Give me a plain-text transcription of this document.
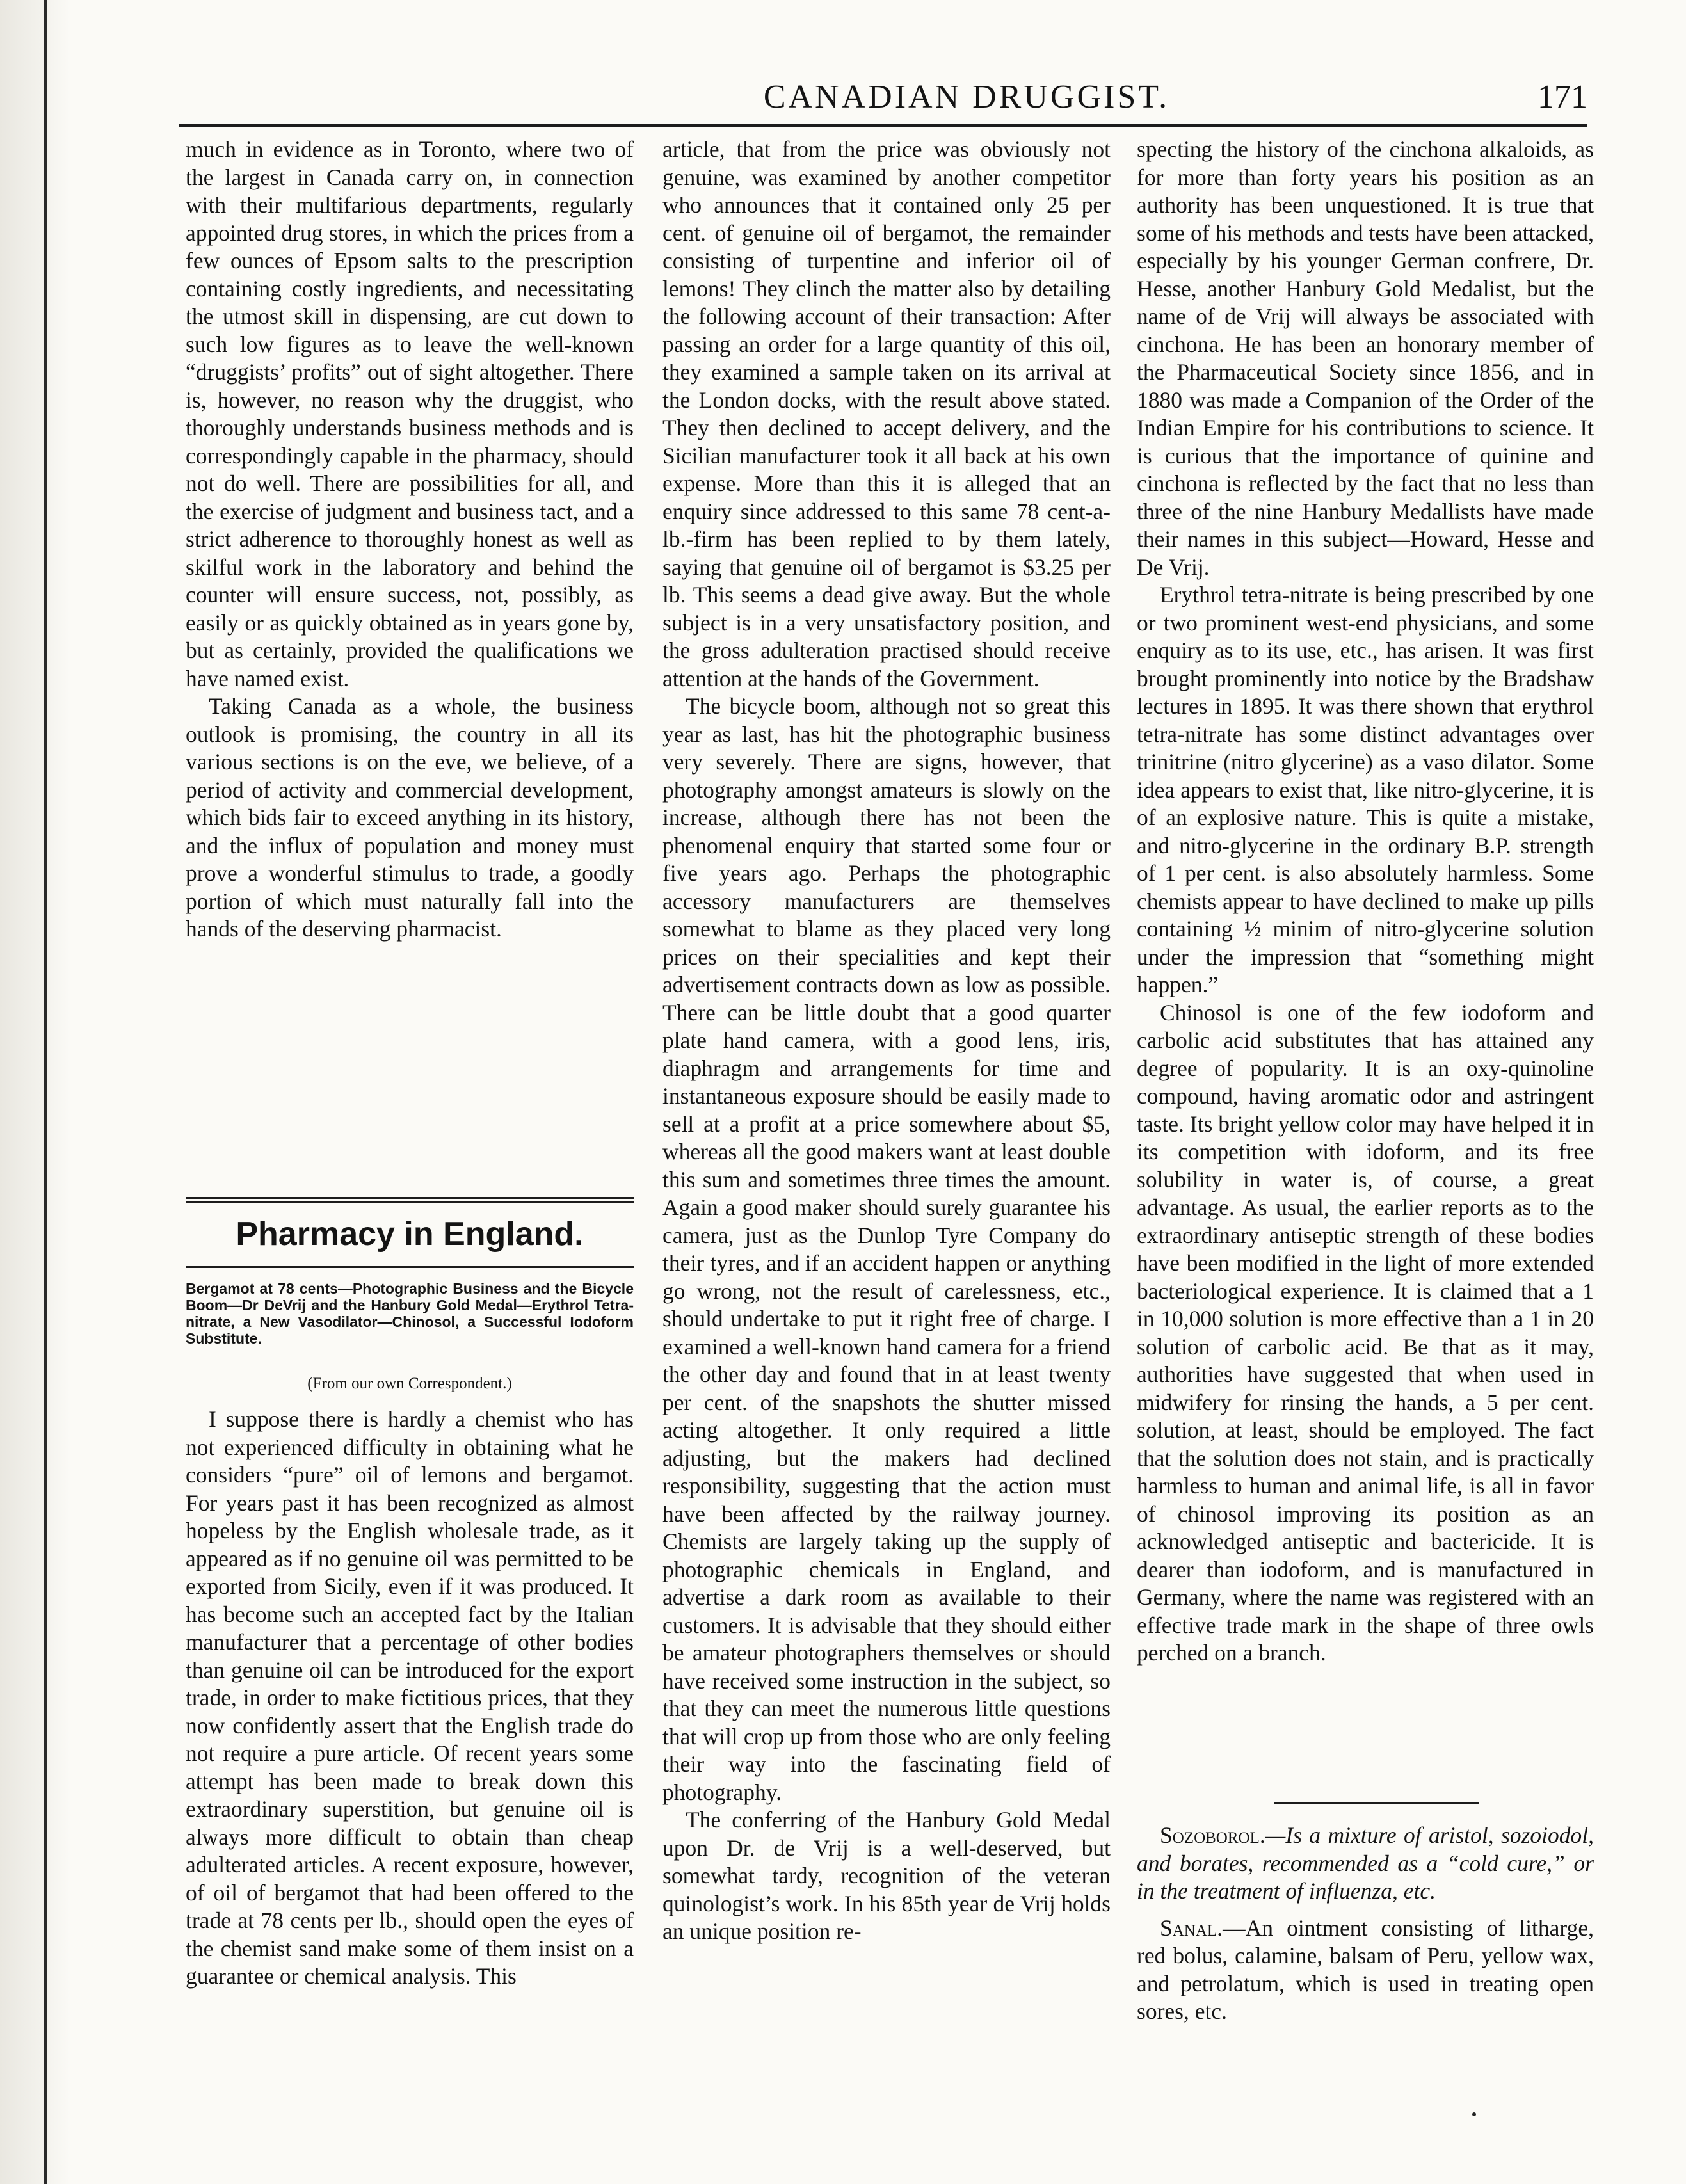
CANADIAN DRUGGIST.	171

much in evidence as in Toronto, where two of the largest in Canada carry on, in connection with their multifarious departments, regularly appointed drug stores, in which the prices from a few ounces of Epsom salts to the prescription containing costly ingredients, and necessitating the utmost skill in dispensing, are cut down to such low figures as to leave the well-known “druggists’ profits” out of sight altogether. There is, however, no reason why the druggist, who thoroughly understands business methods and is correspondingly capable in the pharmacy, should not do well. There are possibilities for all, and the exercise of judgment and business tact, and a strict adherence to thoroughly honest as well as skilful work in the laboratory and behind the counter will ensure success, not, possibly, as easily or as quickly obtained as in years gone by, but as certainly, provided the qualifications we have named exist.

Taking Canada as a whole, the business outlook is promising, the country in all its various sections is on the eve, we believe, of a period of activity and commercial development, which bids fair to exceed anything in its history, and the influx of population and money must prove a wonderful stimulus to trade, a goodly portion of which must naturally fall into the hands of the deserving pharmacist.

Pharmacy in England.
Bergamot at 78 cents—Photographic Business and the Bicycle Boom—Dr DeVrij and the Hanbury Gold Medal—Erythrol Tetra-nitrate, a New Vasodilator—Chinosol, a Successful Iodoform Substitute.
(From our own Correspondent.)

I suppose there is hardly a chemist who has not experienced difficulty in obtaining what he considers “pure” oil of lemons and bergamot. For years past it has been recognized as almost hopeless by the English wholesale trade, as it appeared as if no genuine oil was permitted to be exported from Sicily, even if it was produced. It has become such an accepted fact by the Italian manufacturer that a percentage of other bodies than genuine oil can be introduced for the export trade, in order to make fictitious prices, that they now confidently assert that the English trade do not require a pure article. Of recent years some attempt has been made to break down this extraordinary superstition, but genuine oil is always more difficult to obtain than cheap adulterated articles. A recent exposure, however, of oil of bergamot that had been offered to the trade at 78 cents per lb., should open the eyes of the chemist sand make some of them insist on a guarantee or chemical analysis. This

article, that from the price was obviously not genuine, was examined by another competitor who announces that it contained only 25 per cent. of genuine oil of bergamot, the remainder consisting of turpentine and inferior oil of lemons! They clinch the matter also by detailing the following account of their transaction: After passing an order for a large quantity of this oil, they examined a sample taken on its arrival at the London docks, with the result above stated. They then declined to accept delivery, and the Sicilian manufacturer took it all back at his own expense. More than this it is alleged that an enquiry since addressed to this same 78 cent-a-lb.-firm has been replied to by them lately, saying that genuine oil of bergamot is $3.25 per lb. This seems a dead give away. But the whole subject is in a very unsatisfactory position, and the gross adulteration practised should receive attention at the hands of the Government.

The bicycle boom, although not so great this year as last, has hit the photographic business very severely. There are signs, however, that photography amongst amateurs is slowly on the increase, although there has not been the phenomenal enquiry that started some four or five years ago. Perhaps the photographic accessory manufacturers are themselves somewhat to blame as they placed very long prices on their specialities and kept their advertisement contracts down as low as possible. There can be little doubt that a good quarter plate hand camera, with a good lens, iris, diaphragm and arrangements for time and instantaneous exposure should be easily made to sell at a profit at a price somewhere about $5, whereas all the good makers want at least double this sum and sometimes three times the amount. Again a good maker should surely guarantee his camera, just as the Dunlop Tyre Company do their tyres, and if an accident happen or anything go wrong, not the result of carelessness, etc., should undertake to put it right free of charge. I examined a well-known hand camera for a friend the other day and found that in at least twenty per cent. of the snapshots the shutter missed acting altogether. It only required a little adjusting, but the makers had declined responsibility, suggesting that the action must have been affected by the railway journey. Chemists are largely taking up the supply of photographic chemicals in England, and advertise a dark room as available to their customers. It is advisable that they should either be amateur photographers themselves or should have received some instruction in the subject, so that they can meet the numerous little questions that will crop up from those who are only feeling their way into the fascinating field of photography.

The conferring of the Hanbury Gold Medal upon Dr. de Vrij is a well-deserved, but somewhat tardy, recognition of the veteran quinologist’s work. In his 85th year de Vrij holds an unique position re-

specting the history of the cinchona alkaloids, as for more than forty years his position as an authority has been unquestioned. It is true that some of his methods and tests have been attacked, especially by his younger German confrere, Dr. Hesse, another Hanbury Gold Medalist, but the name of de Vrij will always be associated with cinchona. He has been an honorary member of the Pharmaceutical Society since 1856, and in 1880 was made a Companion of the Order of the Indian Empire for his contributions to science. It is curious that the importance of quinine and cinchona is reflected by the fact that no less than three of the nine Hanbury Medallists have made their names in this subject—Howard, Hesse and De Vrij.

Erythrol tetra-nitrate is being prescribed by one or two prominent west-end physicians, and some enquiry as to its use, etc., has arisen. It was first brought prominently into notice by the Bradshaw lectures in 1895. It was there shown that erythrol tetra-nitrate has some distinct advantages over trinitrine (nitro glycerine) as a vaso dilator. Some idea appears to exist that, like nitro-glycerine, it is of an explosive nature. This is quite a mistake, and nitro-glycerine in the ordinary B.P. strength of 1 per cent. is also absolutely harmless. Some chemists appear to have declined to make up pills containing ½ minim of nitro-glycerine solution under the impression that “something might happen.”

Chinosol is one of the few iodoform and carbolic acid substitutes that has attained any degree of popularity. It is an oxy-quinoline compound, having aromatic odor and astringent taste. Its bright yellow color may have helped it in its competition with idoform, and its free solubility in water is, of course, a great advantage. As usual, the earlier reports as to the extraordinary antiseptic strength of these bodies have been modified in the light of more extended bacteriological experience. It is claimed that a 1 in 10,000 solution is more effective than a 1 in 20 solution of carbolic acid. Be that as it may, authorities have suggested that when used in midwifery for rinsing the hands, a 5 per cent. solution, at least, should be employed. The fact that the solution does not stain, and is practically harmless to human and animal life, is all in favor of chinosol improving its position as an acknowledged antiseptic and bactericide. It is dearer than iodoform, and is manufactured in Germany, where the name was registered with an effective trade mark in the shape of three owls perched on a branch.

Sozoborol.—Is a mixture of aristol, sozoiodol, and borates, recommended as a “cold cure,” or in the treatment of influenza, etc.

Sanal.—An ointment consisting of litharge, red bolus, calamine, balsam of Peru, yellow wax, and petrolatum, which is used in treating open sores, etc.
